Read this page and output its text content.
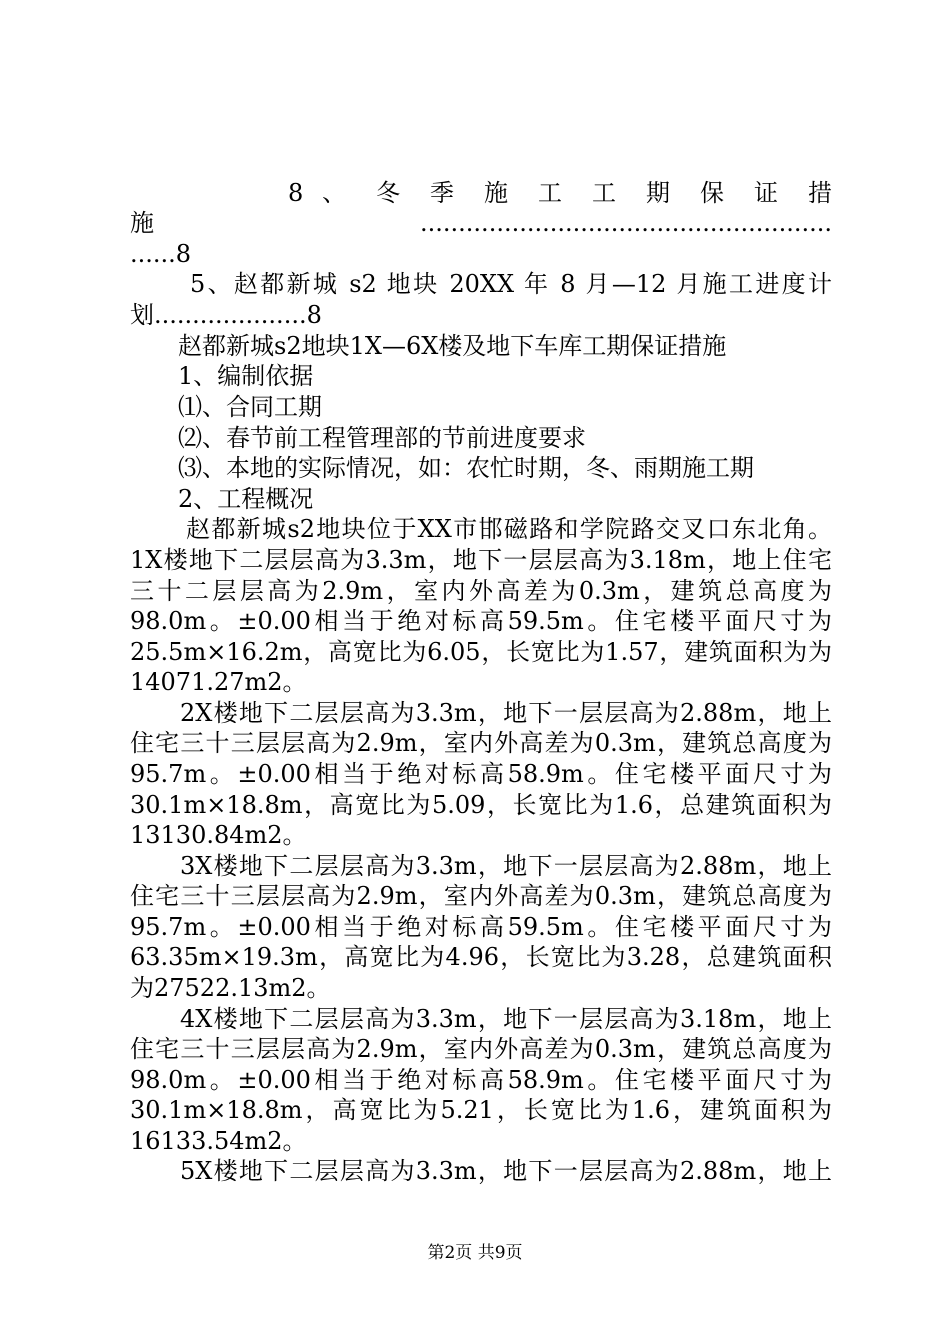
8 、 冬 季 施 工 工 期 保 证 措
施......................................................
......8
5、赵都新城 s2 地块 20XX 年 8 月—12 月施工进度计
划....................8
赵都新城s2地块1X—6X楼及地下车库工期保证措施
1、编制依据
⑴、合同工期
⑵、春节前工程管理部的节前进度要求
⑶、本地的实际情况，如：农忙时期，冬、雨期施工期
2、工程概况
赵都新城s2地块位于XX市邯磁路和学院路交叉口东北角。
1X楼地下二层层高为3.3m，地下一层层高为3.18m，地上住宅
三十二层层高为2.9m，室内外高差为0.3m，建筑总高度为
98.0m。±0.00相当于绝对标高59.5m。住宅楼平面尺寸为
25.5m×16.2m，高宽比为6.05，长宽比为1.57，建筑面积为为
14071.27m2。
2X楼地下二层层高为3.3m，地下一层层高为2.88m，地上
住宅三十三层层高为2.9m，室内外高差为0.3m，建筑总高度为
95.7m。±0.00相当于绝对标高58.9m。住宅楼平面尺寸为
30.1m×18.8m，高宽比为5.09，长宽比为1.6，总建筑面积为
13130.84m2。
3X楼地下二层层高为3.3m，地下一层层高为2.88m，地上
住宅三十三层层高为2.9m，室内外高差为0.3m，建筑总高度为
95.7m。±0.00相当于绝对标高59.5m。住宅楼平面尺寸为
63.35m×19.3m，高宽比为4.96，长宽比为3.28，总建筑面积
为27522.13m2。
4X楼地下二层层高为3.3m，地下一层层高为3.18m，地上
住宅三十三层层高为2.9m，室内外高差为0.3m，建筑总高度为
98.0m。±0.00相当于绝对标高58.9m。住宅楼平面尺寸为
30.1m×18.8m，高宽比为5.21，长宽比为1.6，建筑面积为
16133.54m2。
5X楼地下二层层高为3.3m，地下一层层高为2.88m，地上
第2页 共9页
